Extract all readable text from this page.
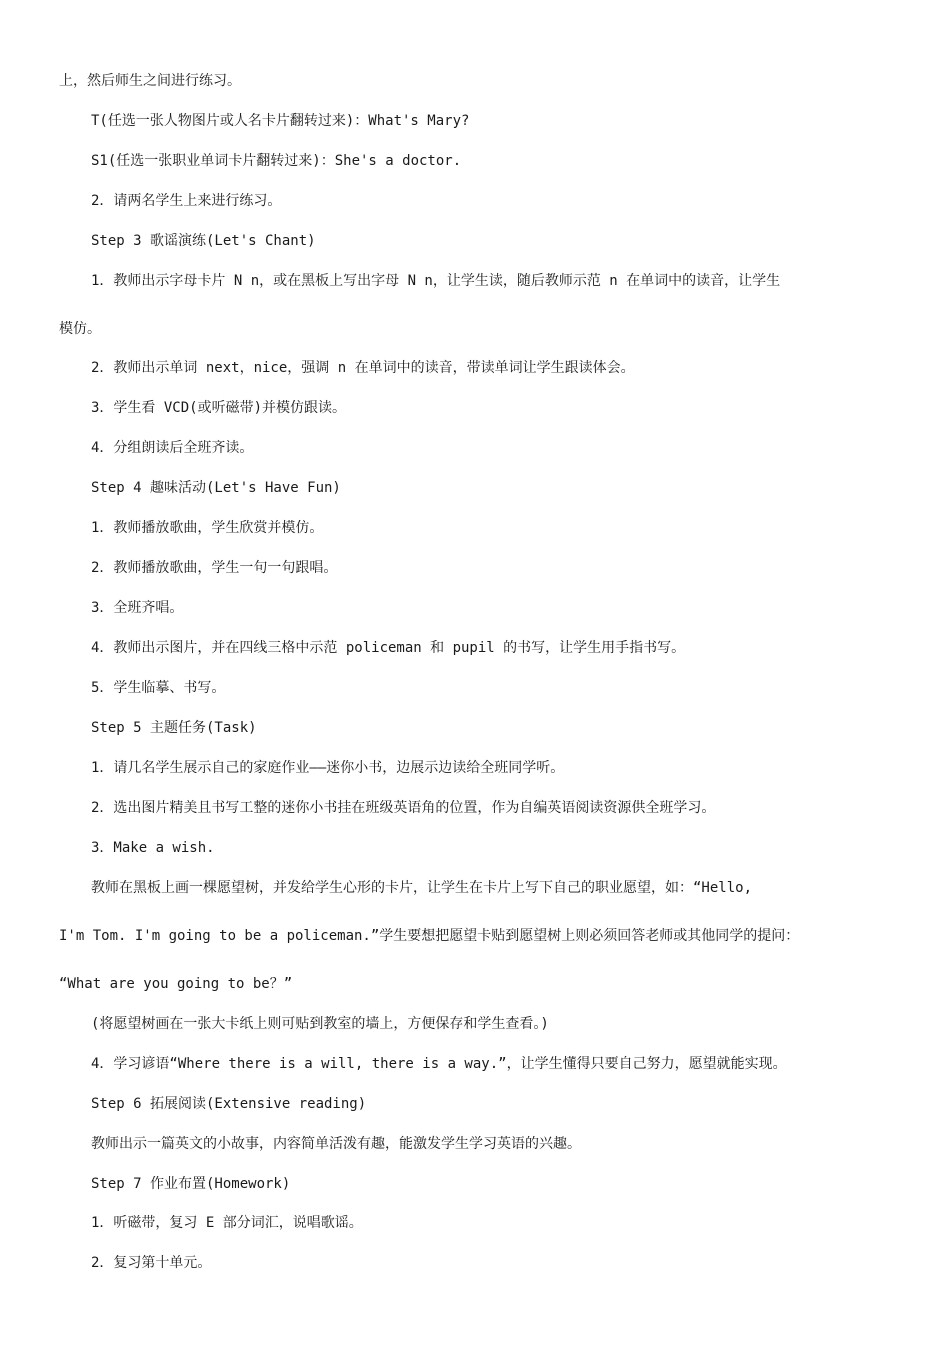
上，然后师生之间进行练习。
T(任选一张人物图片或人名卡片翻转过来)：What's Mary?
S1(任选一张职业单词卡片翻转过来)：She's a doctor.
2．请两名学生上来进行练习。
Step 3 歌谣演练(Let's Chant)
1．教师出示字母卡片 N n，或在黑板上写出字母 N n，让学生读，随后教师示范 n 在单词中的读音，让学生
模仿。
2．教师出示单词 next，nice，强调 n 在单词中的读音，带读单词让学生跟读体会。
3．学生看 VCD(或听磁带)并模仿跟读。
4．分组朗读后全班齐读。
Step 4 趣味活动(Let's Have Fun)
1．教师播放歌曲，学生欣赏并模仿。
2．教师播放歌曲，学生一句一句跟唱。
3．全班齐唱。
4．教师出示图片，并在四线三格中示范 policeman 和 pupil 的书写，让学生用手指书写。
5．学生临摹、书写。
Step 5 主题任务(Task)
1．请几名学生展示自己的家庭作业——迷你小书，边展示边读给全班同学听。
2．选出图片精美且书写工整的迷你小书挂在班级英语角的位置，作为自编英语阅读资源供全班学习。
3．Make a wish.
教师在黑板上画一棵愿望树，并发给学生心形的卡片，让学生在卡片上写下自己的职业愿望，如：“Hello,
I'm Tom. I'm going to be a policeman.”学生要想把愿望卡贴到愿望树上则必须回答老师或其他同学的提问：
“What are you going to be？”
(将愿望树画在一张大卡纸上则可贴到教室的墙上，方便保存和学生查看。)
4．学习谚语“Where there is a will, there is a way.”，让学生懂得只要自己努力，愿望就能实现。
Step 6 拓展阅读(Extensive reading)
教师出示一篇英文的小故事，内容简单活泼有趣，能激发学生学习英语的兴趣。
Step 7 作业布置(Homework)
1．听磁带，复习 E 部分词汇，说唱歌谣。
2．复习第十单元。
